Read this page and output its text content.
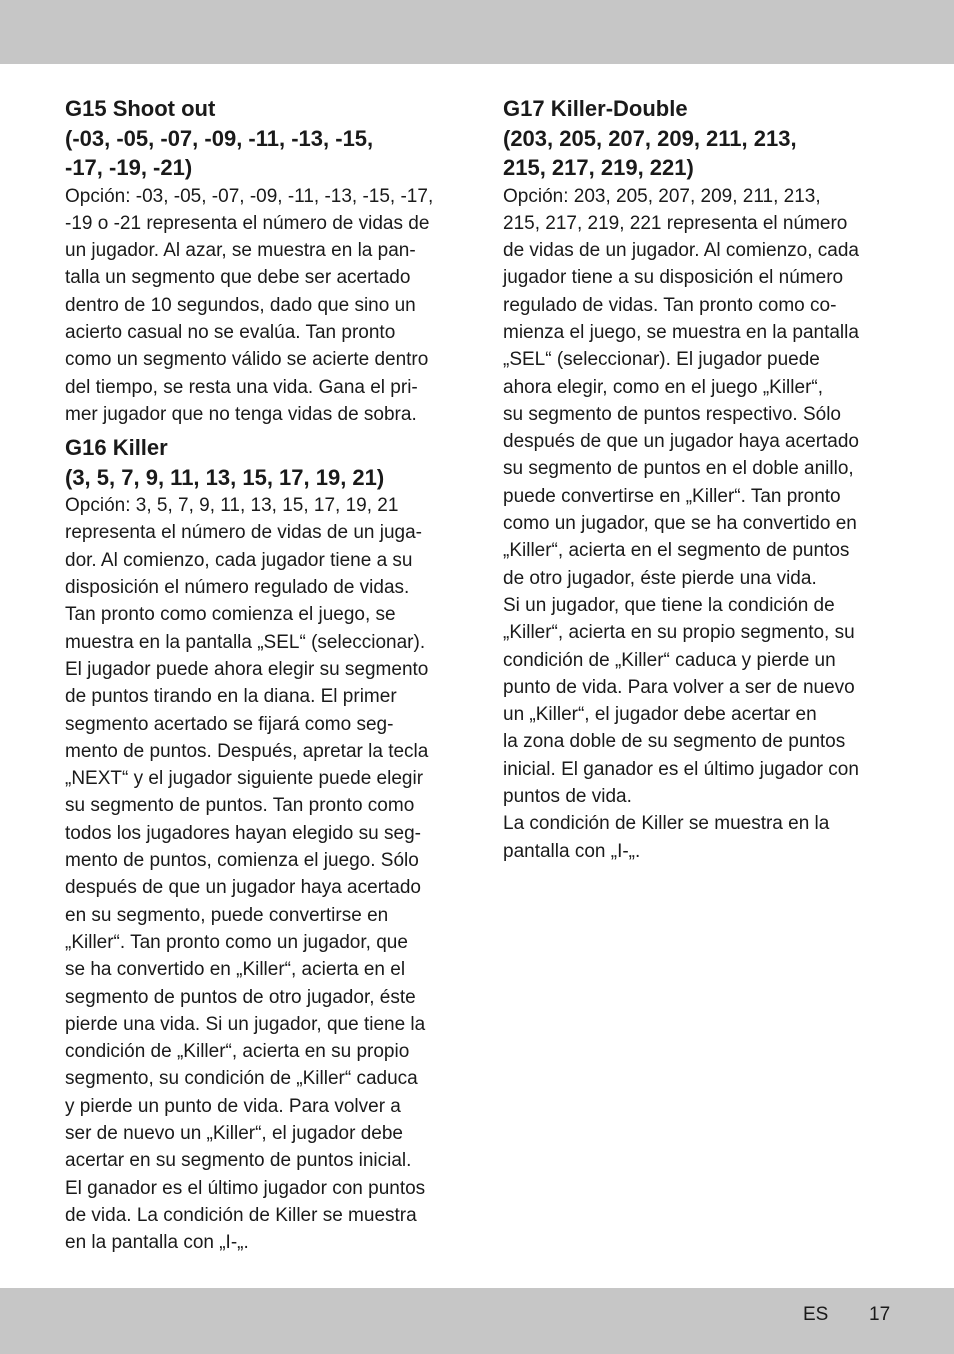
G15 Shoot out
(-03, -05, -07, -09, -11, -13, -15,
-17, -19, -21)
Opción: -03, -05, -07, -09, -11, -13, -15, -17,
-19 o -21 representa el número de vidas de
un jugador. Al azar, se muestra en la pan-
talla un segmento que debe ser acertado
dentro de 10 segundos, dado que sino un
acierto casual no se evalúa. Tan pronto
como un segmento válido se acierte dentro
del tiempo, se resta una vida. Gana el pri-
mer jugador que no tenga vidas de sobra.
G16 Killer
(3, 5, 7, 9, 11, 13, 15, 17, 19, 21)
Opción: 3, 5, 7, 9, 11, 13, 15, 17, 19, 21
representa el número de vidas de un juga-
dor. Al comienzo, cada jugador tiene a su
disposición el número regulado de vidas.
Tan pronto como comienza el juego, se
muestra en la pantalla „SEL“ (seleccionar).
El jugador puede ahora elegir su segmento
de puntos tirando en la diana. El primer
segmento acertado se fijará como seg-
mento de puntos. Después, apretar la tecla
„NEXT“ y el jugador siguiente puede elegir
su segmento de puntos. Tan pronto como
todos los jugadores hayan elegido su seg-
mento de puntos, comienza el juego. Sólo
después de que un jugador haya acertado
en su segmento, puede convertirse en
„Killer“. Tan pronto como un jugador, que
se ha convertido en „Killer“, acierta en el
segmento de puntos de otro jugador, éste
pierde una vida. Si un jugador, que tiene la
condición de „Killer“, acierta en su propio
segmento, su condición de „Killer“ caduca
y pierde un punto de vida. Para volver a
ser de nuevo un „Killer“, el jugador debe
acertar en su segmento de puntos inicial.
El ganador es el último jugador con puntos
de vida. La condición de Killer se muestra
en la pantalla con „I-„.
G17 Killer-Double
(203, 205, 207, 209, 211, 213,
215, 217, 219, 221)
Opción: 203, 205, 207, 209, 211, 213,
215, 217, 219, 221 representa el número
de vidas de un jugador. Al comienzo, cada
jugador tiene a su disposición el número
regulado de vidas. Tan pronto como co-
mienza el juego, se muestra en la pantalla
„SEL“ (seleccionar). El jugador puede
ahora elegir, como en el juego „Killer“,
su segmento de puntos respectivo. Sólo
después de que un jugador haya acertado
su segmento de puntos en el doble anillo,
puede convertirse en „Killer“. Tan pronto
como un jugador, que se ha convertido en
„Killer“, acierta en el segmento de puntos
de otro jugador, éste pierde una vida.
Si un jugador, que tiene la condición de
„Killer“, acierta en su propio segmento, su
condición de „Killer“ caduca y pierde un
punto de vida. Para volver a ser de nuevo
un „Killer“, el jugador debe acertar en
la zona doble de su segmento de puntos
inicial. El ganador es el último jugador con
puntos de vida.
La condición de Killer se muestra en la
pantalla con „I-„.
ES 17
